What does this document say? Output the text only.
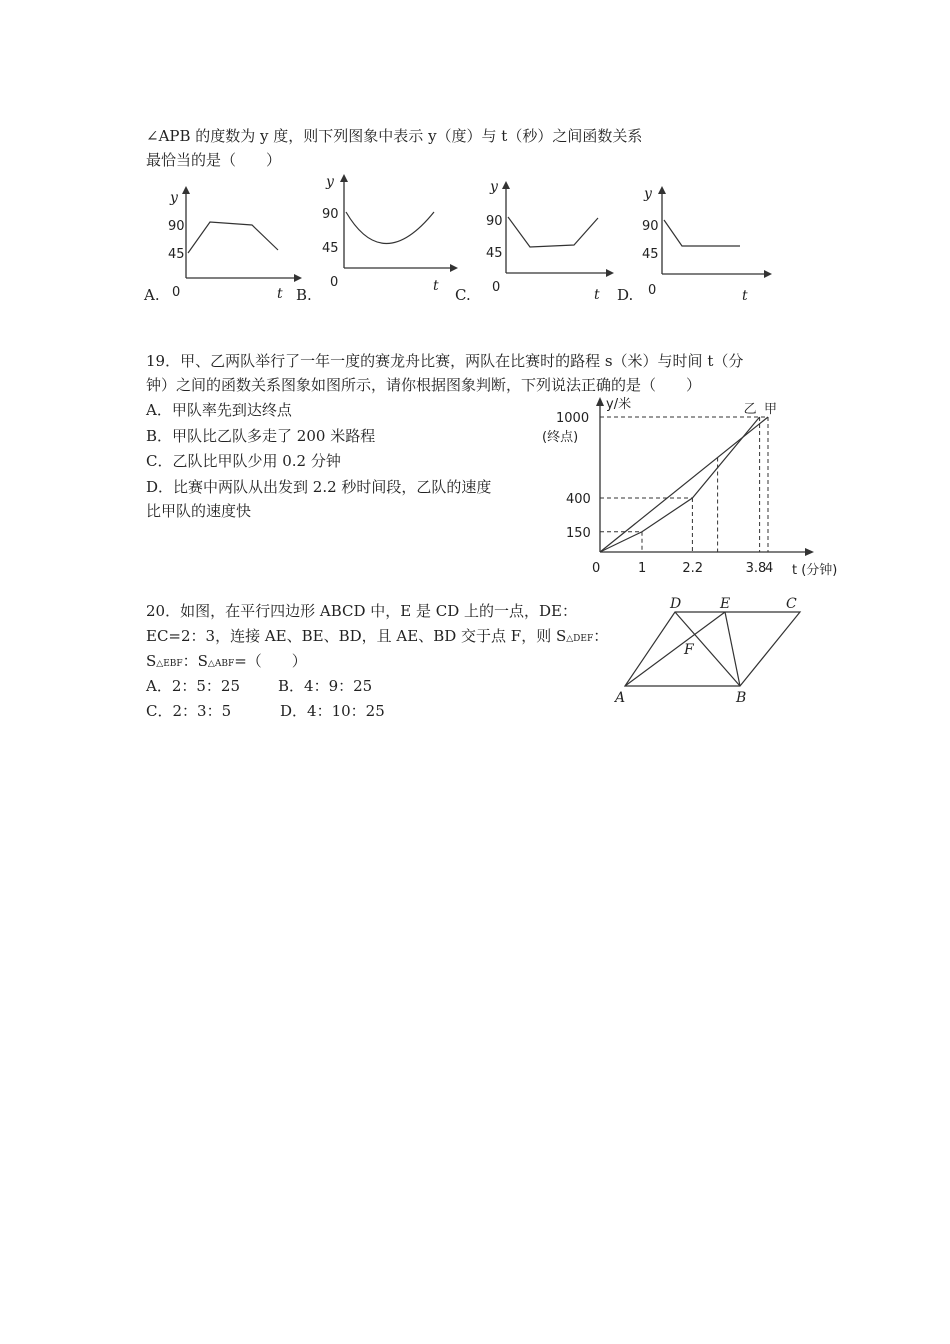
∠APB 的度数为 y 度，则下列图象中表示 y（度）与 t（秒）之间函数关系
最恰当的是（　　）
A.	B.	C.	D.
y
90
45
0	t
y
90
45
0	t
y
90
45
0	t
y
90
45
0	t
19．甲、乙两队举行了一年一度的赛龙舟比赛，两队在比赛时的路程 s（米）与时间 t（分
钟）之间的函数关系图象如图所示，请你根据图象判断，下列说法正确的是（　　）
A．甲队率先到达终点
B．甲队比乙队多走了 200 米路程
C．乙队比甲队少用 0.2 分钟
D．比赛中两队从出发到 2.2 秒时间段，乙队的速度
比甲队的速度快
y/米
(终点)
t (分钟)
甲
乙
0	1	2.2	3.8
4
150
400
1000
20．如图，在平行四边形 ABCD 中，E 是 CD 上的一点，DE：
EC=2：3，连接 AE、BE、BD，且 AE、BD 交于点 F，则 S△DEF：
S△EBF：S△ABF=（　　）
A．2：5：25	B．4：9：25
C．2：3：5	D．4：10：25
A	B
C
D	E
F
